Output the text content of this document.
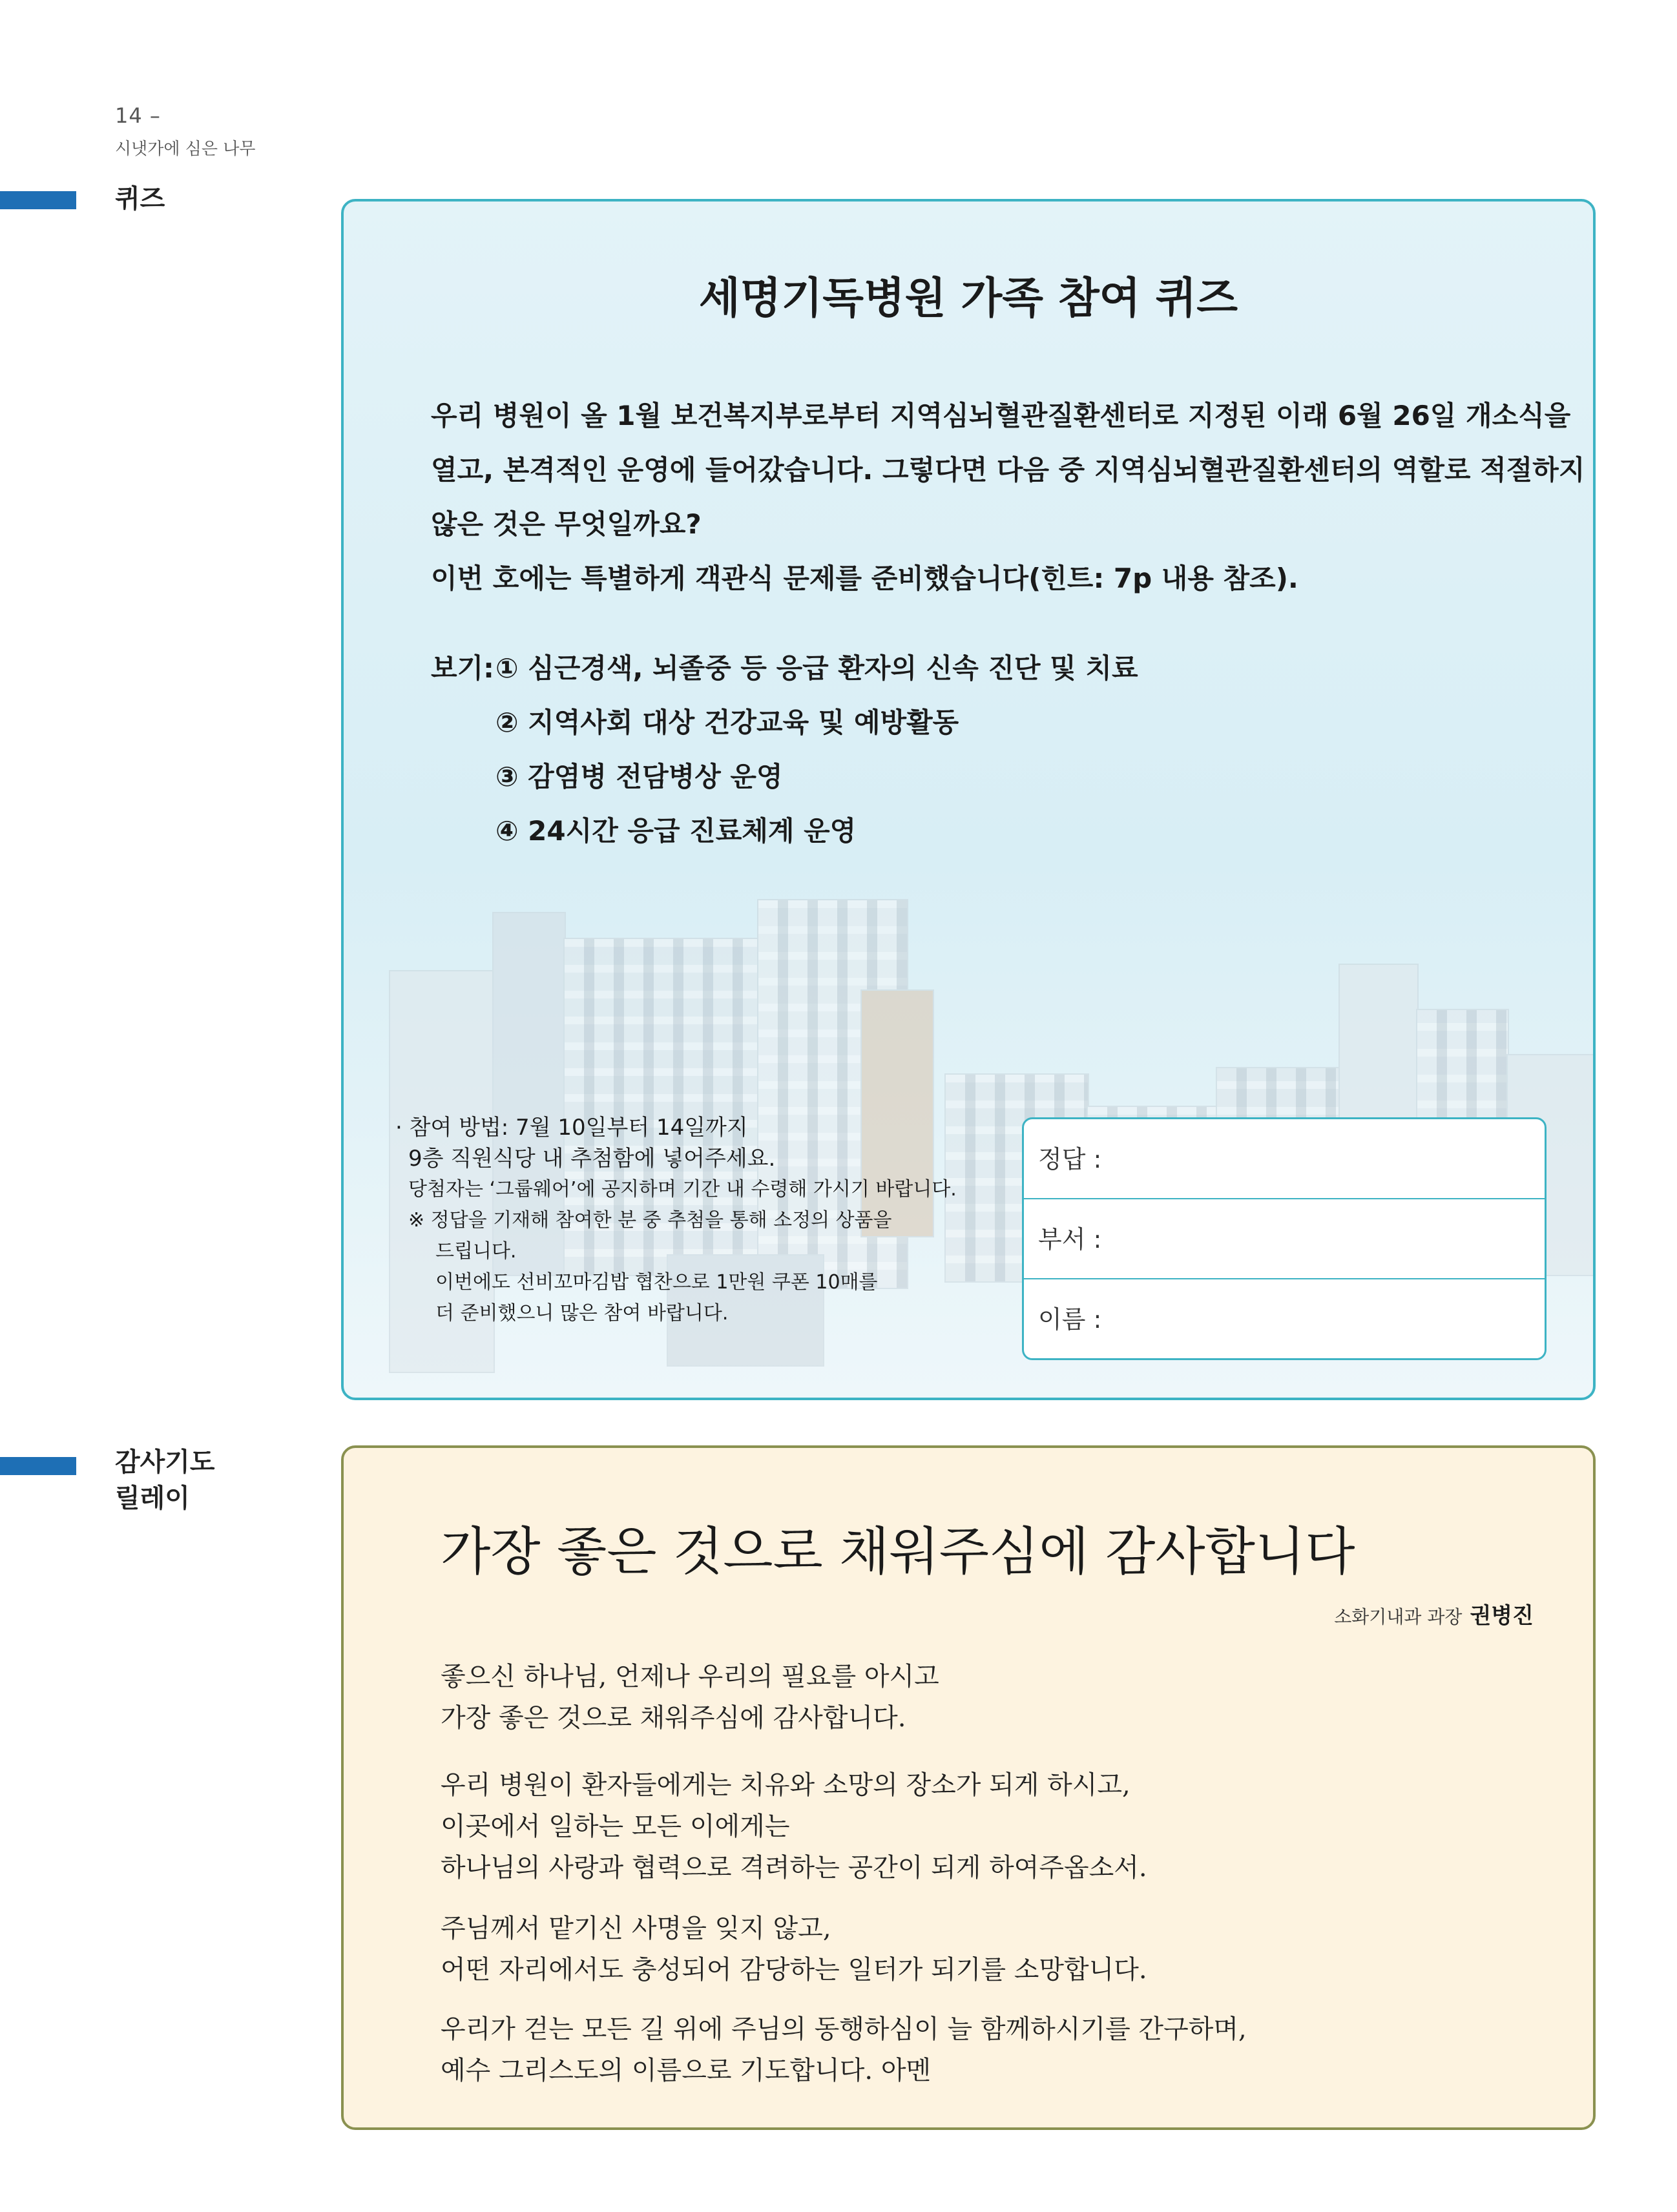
14 –
시냇가에 심은 나무
퀴즈
세명기독병원 가족 참여 퀴즈
우리 병원이 올 1월 보건복지부로부터 지역심뇌혈관질환센터로 지정된 이래 6월 26일 개소식을
열고, 본격적인 운영에 들어갔습니다. 그렇다면 다음 중 지역심뇌혈관질환센터의 역할로 적절하지
않은 것은 무엇일까요?
이번 호에는 특별하게 객관식 문제를 준비했습니다(힌트: 7p 내용 참조).
보기: ① 심근경색, 뇌졸중 등 응급 환자의 신속 진단 및 치료
② 지역사회 대상 건강교육 및 예방활동
③ 감염병 전담병상 운영
④ 24시간 응급 진료체계 운영
· 참여 방법: 7월 10일부터 14일까지
9층 직원식당 내 추첨함에 넣어주세요.
당첨자는 ‘그룹웨어’에 공지하며 기간 내 수령해 가시기 바랍니다.
※ 정답을 기재해 참여한 분 중 추첨을 통해 소정의 상품을
드립니다.
이번에도 선비꼬마김밥 협찬으로 1만원 쿠폰 10매를
더 준비했으니 많은 참여 바랍니다.
정답 :
부서 :
이름 :
감사기도
릴레이
가장 좋은 것으로 채워주심에 감사합니다
소화기내과 과장 권병진
좋으신 하나님, 언제나 우리의 필요를 아시고
가장 좋은 것으로 채워주심에 감사합니다.
우리 병원이 환자들에게는 치유와 소망의 장소가 되게 하시고,
이곳에서 일하는 모든 이에게는
하나님의 사랑과 협력으로 격려하는 공간이 되게 하여주옵소서.
주님께서 맡기신 사명을 잊지 않고,
어떤 자리에서도 충성되어 감당하는 일터가 되기를 소망합니다.
우리가 걷는 모든 길 위에 주님의 동행하심이 늘 함께하시기를 간구하며,
예수 그리스도의 이름으로 기도합니다. 아멘
